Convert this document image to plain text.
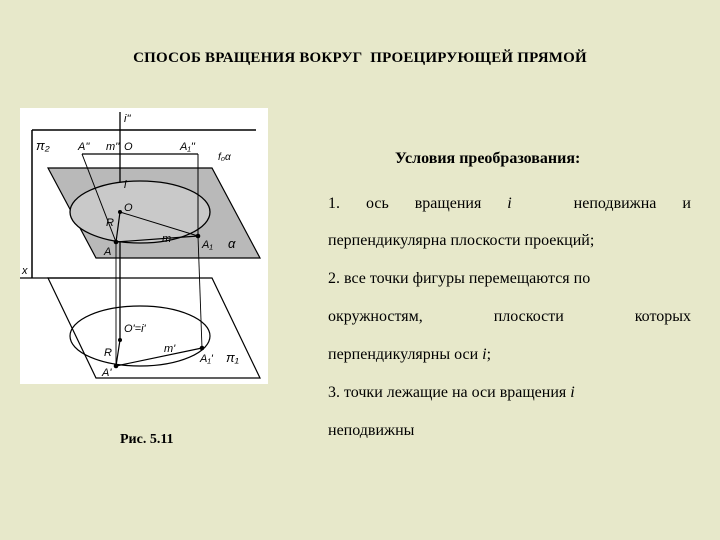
СПОСОБ ВРАЩЕНИЯ ВОКРУГ  ПРОЕЦИРУЮЩЕЙ ПРЯМОЙ
π₂
i''
A'' m'' O	A₁''
f₀α
i
R
O
m
A
A₁ α
x
O'=i'
R	m'
A'
A₁' π₁
Рис. 5.11
Условия преобразования:
1. ось вращения i	неподвижна и
перпендикулярна плоскости проекций;
2. все точки фигуры перемещаются по
окружностям,	плоскости	которых
перпендикулярны оси i;
3. точки лежащие на оси вращения i
неподвижны
